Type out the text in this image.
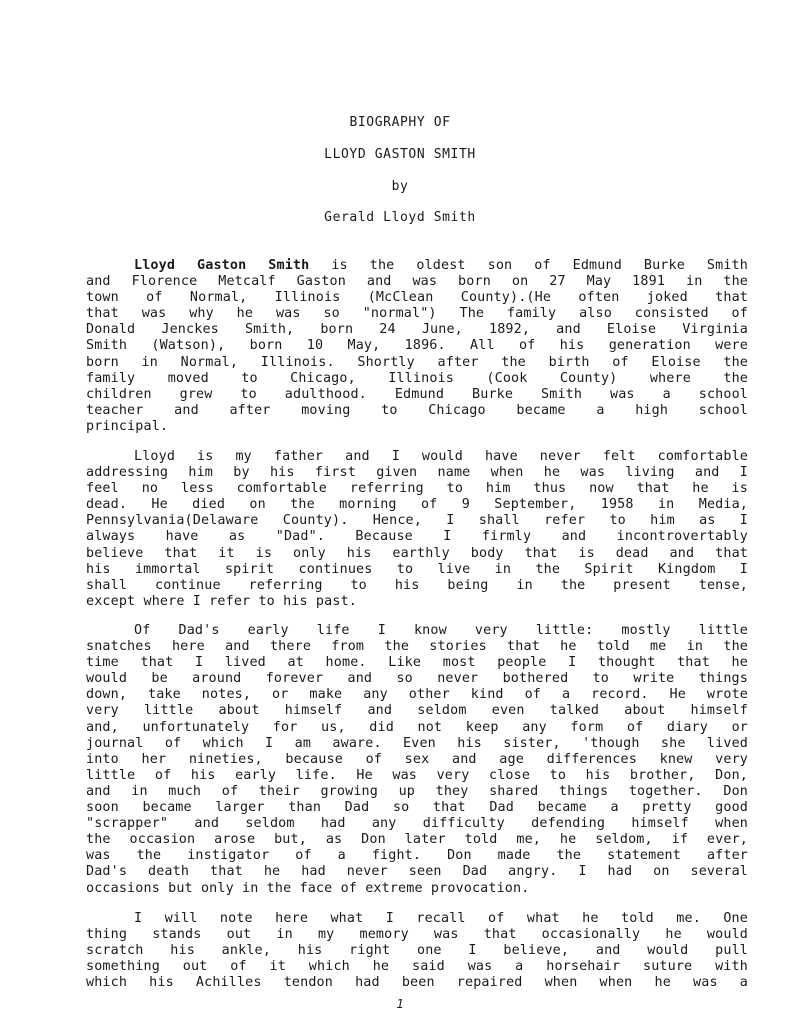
BIOGRAPHY OF
LLOYD GASTON SMITH
by
Gerald Lloyd Smith
Lloyd Gaston Smith is the oldest son of Edmund Burke Smith
and Florence Metcalf Gaston and was born on 27 May 1891 in the
town of Normal, Illinois (McClean County).(He often joked that
that was why he was so "normal") The family also consisted of
Donald Jenckes Smith, born 24 June, 1892, and Eloise Virginia
Smith (Watson), born 10 May, 1896. All of his generation were
born in Normal, Illinois. Shortly after the birth of Eloise the
family moved to Chicago, Illinois (Cook County) where the
children grew to adulthood. Edmund Burke Smith was a school
teacher and after moving to Chicago became a high school
principal.
Lloyd is my father and I would have never felt comfortable
addressing him by his first given name when he was living and I
feel no less comfortable referring to him thus now that he is
dead. He died on the morning of 9 September, 1958 in Media,
Pennsylvania(Delaware County). Hence, I shall refer to him as I
always have as "Dad". Because I firmly and incontrovertably
believe that it is only his earthly body that is dead and that
his immortal spirit continues to live in the Spirit Kingdom I
shall continue referring to his being in the present tense,
except where I refer to his past.
Of Dad's early life I know very little: mostly little
snatches here and there from the stories that he told me in the
time that I lived at home. Like most people I thought that he
would be around forever and so never bothered to write things
down, take notes, or make any other kind of a record. He wrote
very little about himself and seldom even talked about himself
and, unfortunately for us, did not keep any form of diary or
journal of which I am aware. Even his sister, 'though she lived
into her nineties, because of sex and age differences knew very
little of his early life. He was very close to his brother, Don,
and in much of their growing up they shared things together. Don
soon became larger than Dad so that Dad became a pretty good
"scrapper" and seldom had any difficulty defending himself when
the occasion arose but, as Don later told me, he seldom, if ever,
was the instigator of a fight. Don made the statement after
Dad's death that he had never seen Dad angry. I had on several
occasions but only in the face of extreme provocation.
I will note here what I recall of what he told me. One
thing stands out in my memory was that occasionally he would
scratch his ankle, his right one I believe, and would pull
something out of it which he said was a horsehair suture with
which his Achilles tendon had been repaired when when he was a
1
